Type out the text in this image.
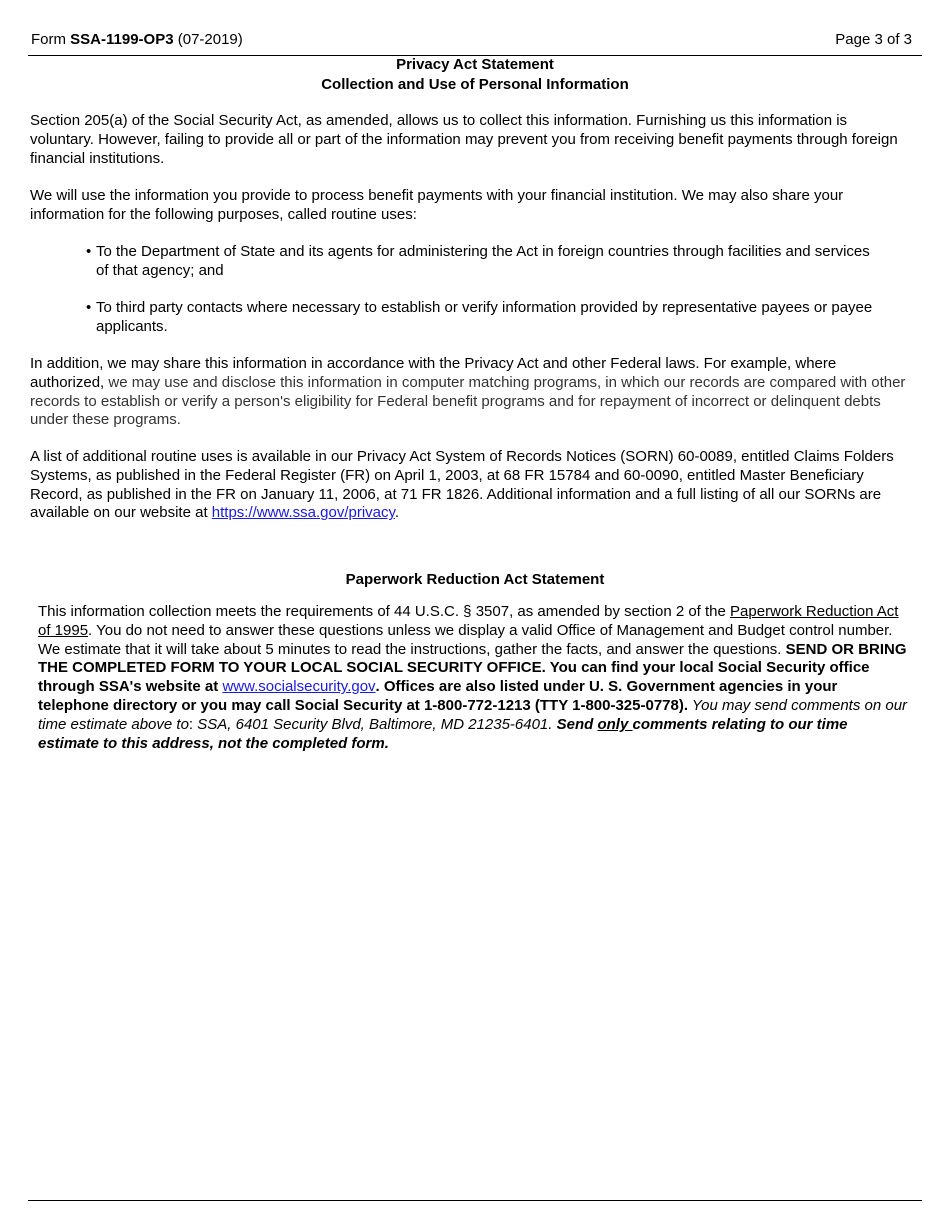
Form SSA-1199-OP3 (07-2019)	Page 3 of 3
Privacy Act Statement
Collection and Use of Personal Information

Section 205(a) of the Social Security Act, as amended, allows us to collect this information. Furnishing us this information is voluntary. However, failing to provide all or part of the information may prevent you from receiving benefit payments through foreign financial institutions.

We will use the information you provide to process benefit payments with your financial institution. We may also share your information for the following purposes, called routine uses:

• To the Department of State and its agents for administering the Act in foreign countries through facilities and services of that agency; and
• To third party contacts where necessary to establish or verify information provided by representative payees or payee applicants.

In addition, we may share this information in accordance with the Privacy Act and other Federal laws. For example, where authorized, we may use and disclose this information in computer matching programs, in which our records are compared with other records to establish or verify a person's eligibility for Federal benefit programs and for repayment of incorrect or delinquent debts under these programs.

A list of additional routine uses is available in our Privacy Act System of Records Notices (SORN) 60-0089, entitled Claims Folders Systems, as published in the Federal Register (FR) on April 1, 2003, at 68 FR 15784 and 60-0090, entitled Master Beneficiary Record, as published in the FR on January 11, 2006, at 71 FR 1826. Additional information and a full listing of all our SORNs are available on our website at https://www.ssa.gov/privacy.

Paperwork Reduction Act Statement

This information collection meets the requirements of 44 U.S.C. § 3507, as amended by section 2 of the Paperwork Reduction Act of 1995. You do not need to answer these questions unless we display a valid Office of Management and Budget control number. We estimate that it will take about 5 minutes to read the instructions, gather the facts, and answer the questions. SEND OR BRING THE COMPLETED FORM TO YOUR LOCAL SOCIAL SECURITY OFFICE. You can find your local Social Security office through SSA's website at www.socialsecurity.gov. Offices are also listed under U. S. Government agencies in your telephone directory or you may call Social Security at 1-800-772-1213 (TTY 1-800-325-0778). You may send comments on our time estimate above to: SSA, 6401 Security Blvd, Baltimore, MD 21235-6401. Send only comments relating to our time estimate to this address, not the completed form.
